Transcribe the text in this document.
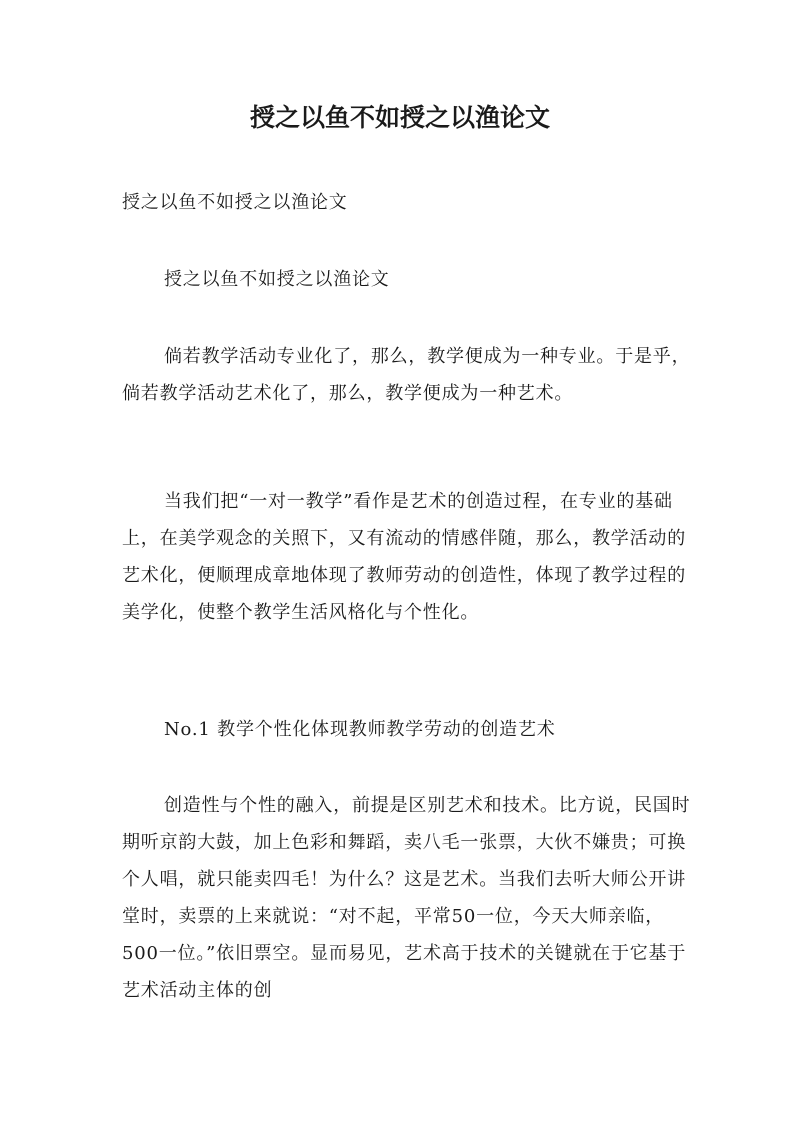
授之以鱼不如授之以渔论文

授之以鱼不如授之以渔论文

授之以鱼不如授之以渔论文

倘若教学活动专业化了，那么，教学便成为一种专业。于是乎，倘若教学活动艺术化了，那么，教学便成为一种艺术。

当我们把“一对一教学”看作是艺术的创造过程，在专业的基础上，在美学观念的关照下，又有流动的情感伴随，那么，教学活动的艺术化，便顺理成章地体现了教师劳动的创造性，体现了教学过程的美学化，使整个教学生活风格化与个性化。

No.1 教学个性化体现教师教学劳动的创造艺术

创造性与个性的融入，前提是区别艺术和技术。比方说，民国时期听京韵大鼓，加上色彩和舞蹈，卖八毛一张票，大伙不嫌贵；可换个人唱，就只能卖四毛！为什么？这是艺术。当我们去听大师公开讲堂时，卖票的上来就说：“对不起，平常50一位，今天大师亲临，500一位。”依旧票空。显而易见，艺术高于技术的关键就在于它基于艺术活动主体的创
